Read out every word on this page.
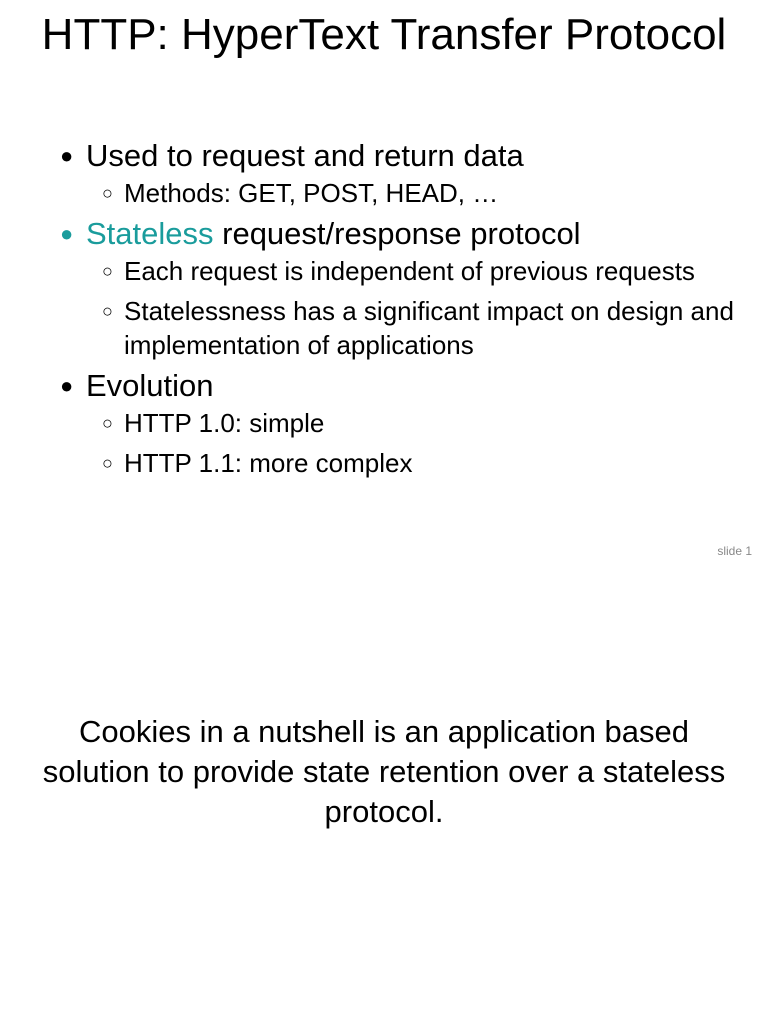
HTTP: HyperText Transfer Protocol
● Used to request and return data
○ Methods: GET, POST, HEAD, …
● Stateless request/response protocol
○ Each request is independent of previous requests
○ Statelessness has a significant impact on design and implementation of applications
● Evolution
○ HTTP 1.0: simple
○ HTTP 1.1: more complex
slide 1

Cookies in a nutshell is an application based solution to provide state retention over a stateless protocol.
